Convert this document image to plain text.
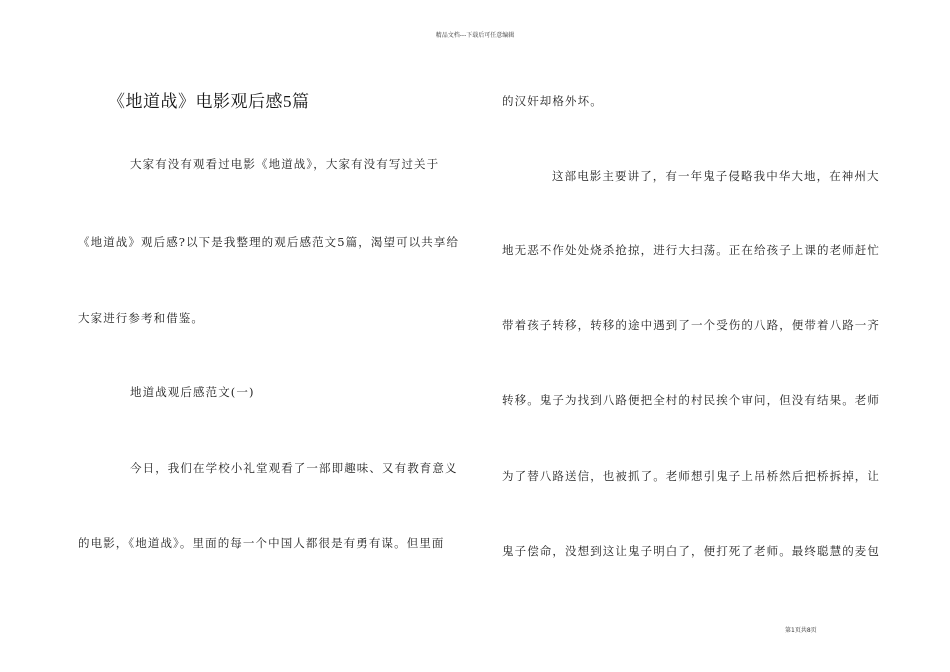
精品文档---下载后可任意编辑
《地道战》电影观后感5篇
大家有没有观看过电影《地道战》，大家有没有写过关于
《地道战》观后感?以下是我整理的观后感范文5篇，渴望可以共享给
大家进行参考和借鉴。
地道战观后感范文(一)
今日，我们在学校小礼堂观看了一部即趣味、又有教育意义
的电影，《地道战》。里面的每一个中国人都很是有勇有谋。但里面
的汉奸却格外坏。
这部电影主要讲了，有一年鬼子侵略我中华大地，在神州大
地无恶不作处处烧杀抢掠，进行大扫荡。正在给孩子上课的老师赶忙
带着孩子转移，转移的途中遇到了一个受伤的八路，便带着八路一齐
转移。鬼子为找到八路便把全村的村民挨个审问，但没有结果。老师
为了替八路送信，也被抓了。老师想引鬼子上吊桥然后把桥拆掉，让
鬼子偿命，没想到这让鬼子明白了，便打死了老师。最终聪慧的麦包
第1页共8页
